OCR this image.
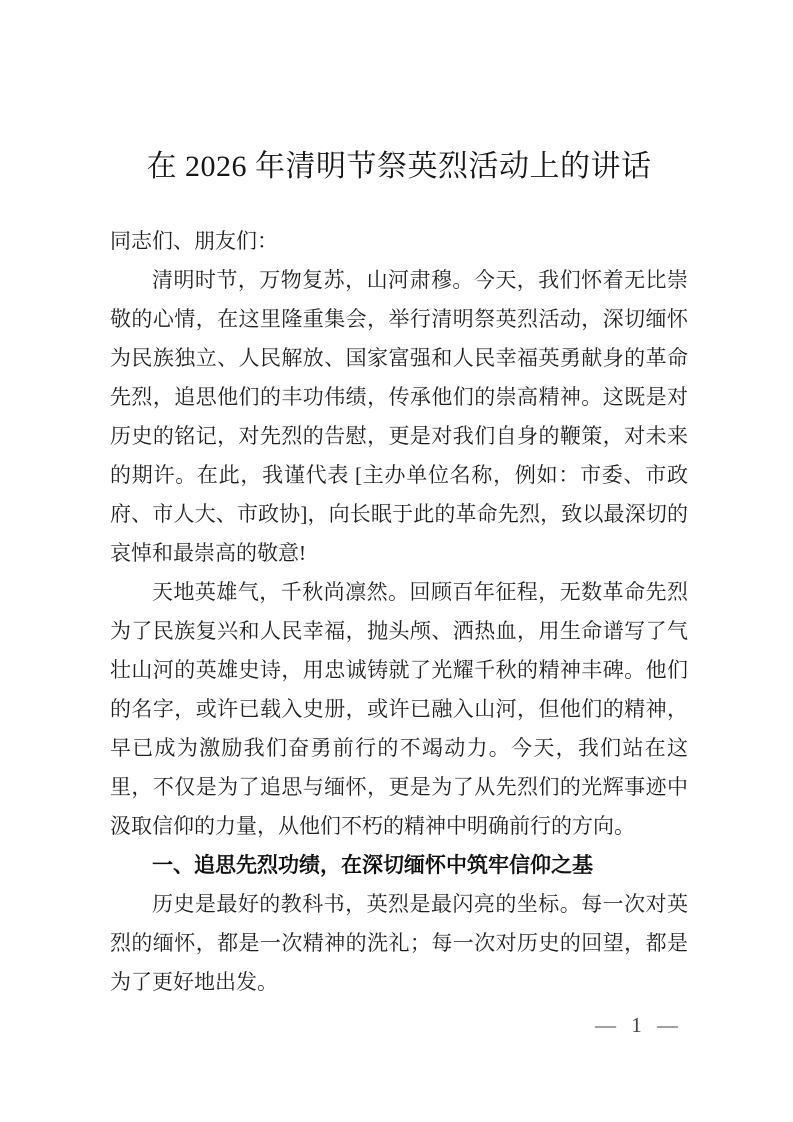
在 2026 年清明节祭英烈活动上的讲话

同志们、朋友们：

清明时节，万物复苏，山河肃穆。今天，我们怀着无比崇敬的心情，在这里隆重集会，举行清明祭英烈活动，深切缅怀为民族独立、人民解放、国家富强和人民幸福英勇献身的革命先烈，追思他们的丰功伟绩，传承他们的崇高精神。这既是对历史的铭记，对先烈的告慰，更是对我们自身的鞭策，对未来的期许。在此，我谨代表 [主办单位名称，例如：市委、市政府、市人大、市政协]，向长眠于此的革命先烈，致以最深切的哀悼和最崇高的敬意!

天地英雄气，千秋尚凛然。回顾百年征程，无数革命先烈为了民族复兴和人民幸福，抛头颅、洒热血，用生命谱写了气壮山河的英雄史诗，用忠诚铸就了光耀千秋的精神丰碑。他们的名字，或许已载入史册，或许已融入山河，但他们的精神，早已成为激励我们奋勇前行的不竭动力。今天，我们站在这里，不仅是为了追思与缅怀，更是为了从先烈们的光辉事迹中汲取信仰的力量，从他们不朽的精神中明确前行的方向。

一、追思先烈功绩，在深切缅怀中筑牢信仰之基

历史是最好的教科书，英烈是最闪亮的坐标。每一次对英烈的缅怀，都是一次精神的洗礼；每一次对历史的回望，都是为了更好地出发。

— 1 —
